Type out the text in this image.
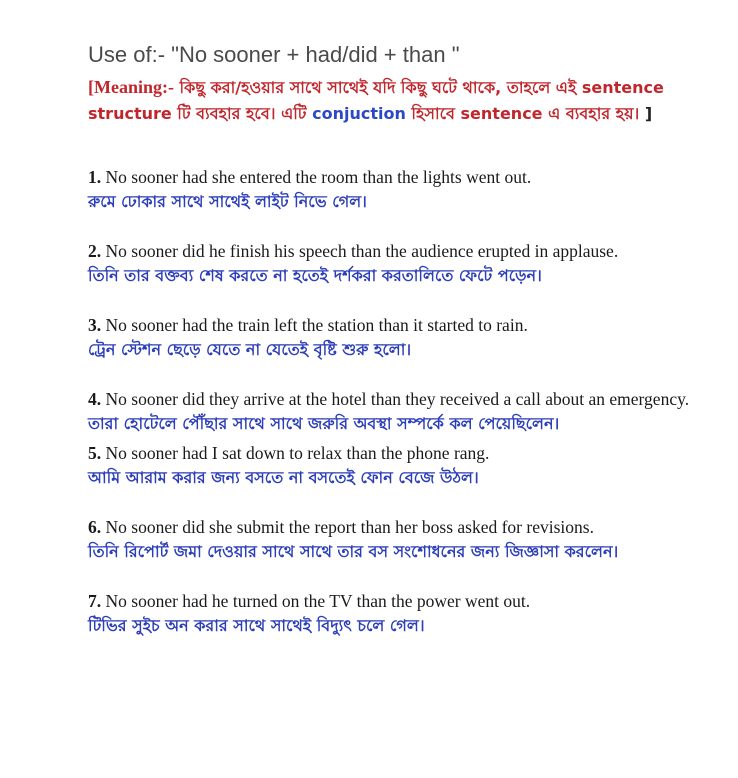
Use of:- "No sooner + had/did + than "
[Meaning:- কিছু করা/হওয়ার সাথে সাথেই যদি কিছু ঘটে থাকে, তাহলে এই sentence structure টি ব্যবহার হবে। এটি conjuction হিসাবে sentence এ ব্যবহার হয়। ]
1. No sooner had she entered the room than the lights went out.
রুমে ঢোকার সাথে সাথেই লাইট নিভে গেল।
2. No sooner did he finish his speech than the audience erupted in applause.
তিনি তার বক্তব্য শেষ করতে না হতেই দর্শকরা করতালিতে ফেটে পড়েন।
3. No sooner had the train left the station than it started to rain.
ট্রেন স্টেশন ছেড়ে যেতে না যেতেই বৃষ্টি শুরু হলো।
4. No sooner did they arrive at the hotel than they received a call about an emergency.
তারা হোটেলে পৌঁছার সাথে সাথে জরুরি অবস্থা সম্পর্কে কল পেয়েছিলেন।
5. No sooner had I sat down to relax than the phone rang.
আমি আরাম করার জন্য বসতে না বসতেই ফোন বেজে উঠল।
6. No sooner did she submit the report than her boss asked for revisions.
তিনি রিপোর্ট জমা দেওয়ার সাথে সাথে তার বস সংশোধনের জন্য জিজ্ঞাসা করলেন।
7. No sooner had he turned on the TV than the power went out.
টিভির সুইচ অন করার সাথে সাথেই বিদ্যুৎ চলে গেল।
